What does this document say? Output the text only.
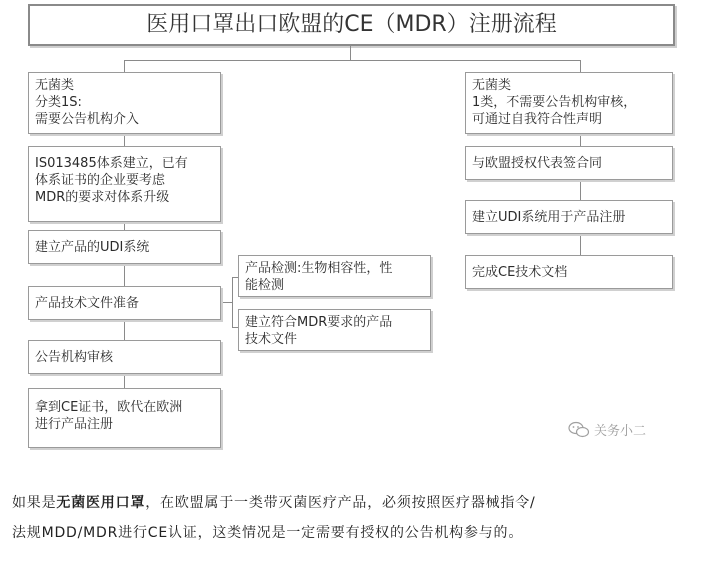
医用口罩出口欧盟的CE（MDR）注册流程
无菌类
分类1S:
需要公告机构介入
IS013485体系建立，已有
体系证书的企业要考虑
MDR的要求对体系升级
建立产品的UDI系统
产品技术文件准备
公告机构审核
拿到CE证书，欧代在欧洲
进行产品注册
产品检测:生物相容性，性
能检测
建立符合MDR要求的产品
技术文件
无菌类
1类，不需要公告机构审核，
可通过自我符合性声明
与欧盟授权代表签合同
建立UDI系统用于产品注册
完成CE技术文档
关务小二
如果是无菌医用口罩，在欧盟属于一类带灭菌医疗产品，必须按照医疗器械指令/
法规MDD/MDR进行CE认证，这类情况是一定需要有授权的公告机构参与的。
